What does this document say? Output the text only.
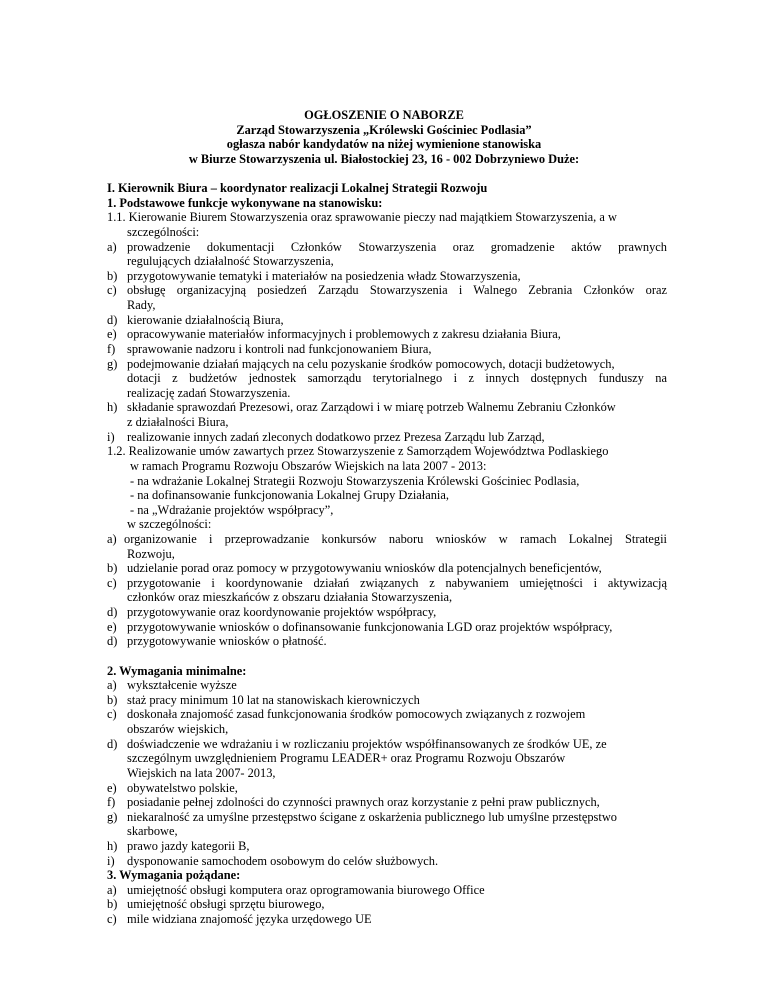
OGŁOSZENIE O NABORZE
Zarząd Stowarzyszenia „Królewski Gościniec Podlasia”
ogłasza nabór kandydatów na niżej wymienione stanowiska
w Biurze Stowarzyszenia ul. Białostockiej 23, 16 - 002 Dobrzyniewo Duże:
I. Kierownik Biura – koordynator realizacji Lokalnej Strategii Rozwoju
1. Podstawowe funkcje wykonywane na stanowisku:
1.1. Kierowanie Biurem Stowarzyszenia oraz sprawowanie pieczy nad majątkiem Stowarzyszenia, a w
szczególności:
a) prowadzenie dokumentacji Członków Stowarzyszenia oraz gromadzenie aktów prawnych
regulujących działalność Stowarzyszenia,
b) przygotowywanie tematyki i materiałów na posiedzenia władz Stowarzyszenia,
c) obsługę organizacyjną posiedzeń Zarządu Stowarzyszenia i Walnego Zebrania Członków oraz
Rady,
d) kierowanie działalnością Biura,
e) opracowywanie materiałów informacyjnych i problemowych z zakresu działania Biura,
f) sprawowanie nadzoru i kontroli nad funkcjonowaniem Biura,
g) podejmowanie działań mających na celu pozyskanie środków pomocowych, dotacji budżetowych,
dotacji z budżetów jednostek samorządu terytorialnego i z innych dostępnych funduszy na
realizację zadań Stowarzyszenia.
h) składanie sprawozdań Prezesowi, oraz Zarządowi i w miarę potrzeb Walnemu Zebraniu Członków
z działalności Biura,
i)	realizowanie innych zadań zleconych dodatkowo przez Prezesa Zarządu lub Zarząd,
1.2. Realizowanie umów zawartych przez Stowarzyszenie z Samorządem Województwa Podlaskiego
w ramach Programu Rozwoju Obszarów Wiejskich na lata 2007 - 2013:
- na wdrażanie Lokalnej Strategii Rozwoju Stowarzyszenia Królewski Gościniec Podlasia,
- na dofinansowanie funkcjonowania Lokalnej Grupy Działania,
- na „Wdrażanie projektów współpracy”,
w szczególności:
a) organizowanie i przeprowadzanie konkursów naboru wniosków w ramach Lokalnej Strategii
Rozwoju,
b) udzielanie porad oraz pomocy w przygotowywaniu wniosków dla potencjalnych beneficjentów,
c) przygotowanie i koordynowanie działań związanych z nabywaniem umiejętności i aktywizacją
członków oraz mieszkańców z obszaru działania Stowarzyszenia,
d) przygotowywanie oraz koordynowanie projektów współpracy,
e) przygotowywanie wniosków o dofinansowanie funkcjonowania LGD oraz projektów współpracy,
d) przygotowywanie wniosków o płatność.
2. Wymagania minimalne:
a) wykształcenie wyższe
b) staż pracy minimum 10 lat na stanowiskach kierowniczych
c) doskonała znajomość zasad funkcjonowania środków pomocowych związanych z rozwojem
obszarów wiejskich,
d) doświadczenie we wdrażaniu i w rozliczaniu projektów współfinansowanych ze środków UE, ze
szczególnym uwzględnieniem Programu LEADER+ oraz Programu Rozwoju Obszarów
Wiejskich na lata 2007- 2013,
e) obywatelstwo polskie,
f) posiadanie pełnej zdolności do czynności prawnych oraz korzystanie z pełni praw publicznych,
g) niekaralność za umyślne przestępstwo ścigane z oskarżenia publicznego lub umyślne przestępstwo
skarbowe,
h) prawo jazdy kategorii B,
i)	dysponowanie samochodem osobowym do celów służbowych.
3. Wymagania pożądane:
a) umiejętność obsługi komputera oraz oprogramowania biurowego Office
b) umiejętność obsługi sprzętu biurowego,
c) mile widziana znajomość języka urzędowego UE
